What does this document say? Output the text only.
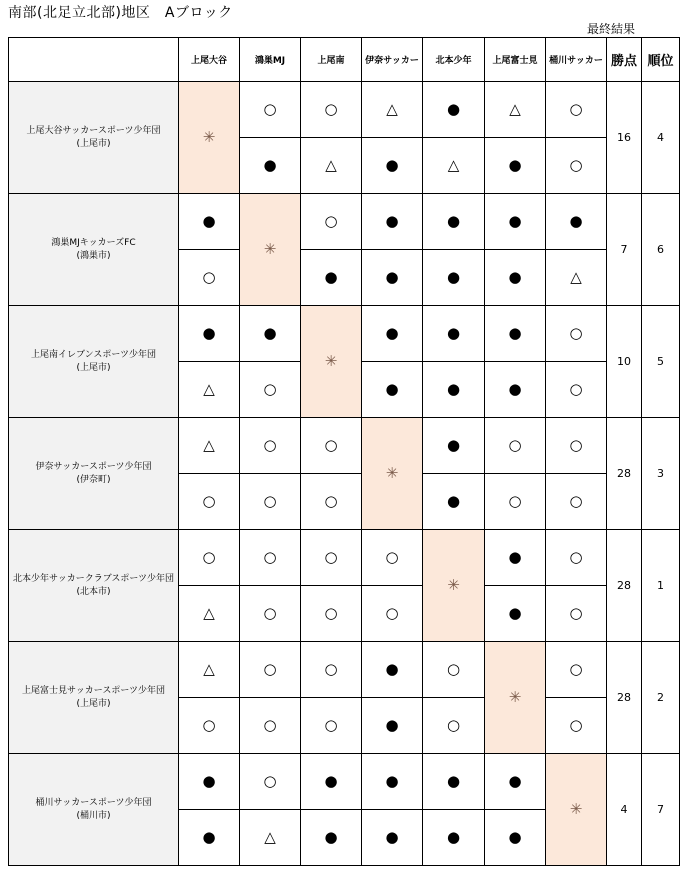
南部(北足立北部)地区　Aブロック
最終結果
	上尾大谷	鴻巣MJ	上尾南	伊奈サッカー	北本少年	上尾富士見	桶川サッカー	勝点	順位

上尾大谷サッカースポーツ少年団
(上尾市)	✳	○	○	△	●	△	○	16	4
		●	△	●	△	●	○		

鴻巣MJキッカーズFC
(鴻巣市)	●	✳	○	●	●	●	●	7	6
	○		●	●	●	●	△		

上尾南イレブンスポーツ少年団
(上尾市)	●	●	✳	●	●	●	○	10	5
	△	○		●	●	●	○		

伊奈サッカースポーツ少年団
(伊奈町)	△	○	○	✳	●	○	○	28	3
	○	○	○		●	○	○		

北本少年サッカークラブスポーツ少年団
(北本市)	○	○	○	○	✳	●	○	28	1
	△	○	○	○		●	○		

上尾富士見サッカースポーツ少年団
(上尾市)	△	○	○	●	○	✳	○	28	2
	○	○	○	●	○		○		

桶川サッカースポーツ少年団
(桶川市)	●	○	●	●	●	●	✳	4	7
	●	△	●	●	●	●			
